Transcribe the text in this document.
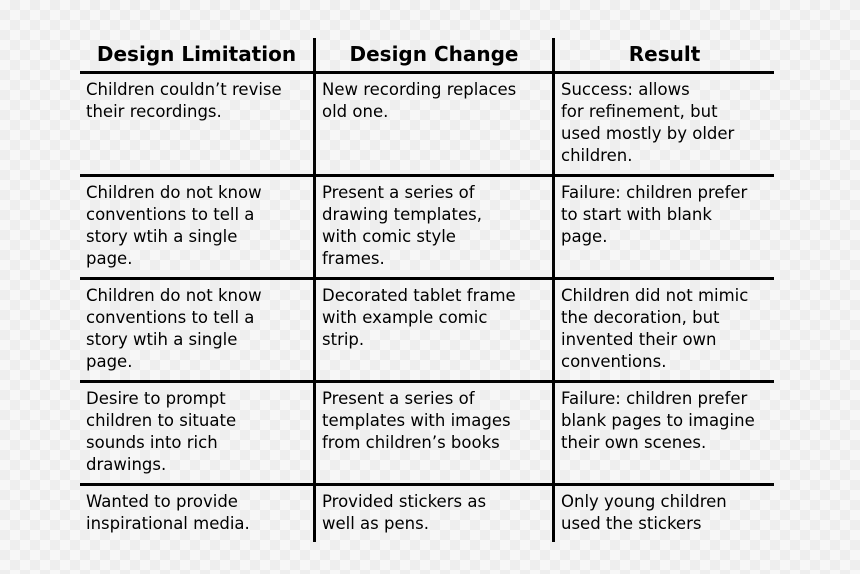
Design Limitation	Design Change	Result
Children couldn’t revise
their recordings.
New recording replaces
old one.
Success: allows
for refinement, but
used mostly by older
children.
Children do not know
conventions to tell a
story wtih a single
page.
Present a series of
drawing templates,
with comic style
frames.
Failure: children prefer
to start with blank
page.
Children do not know
conventions to tell a
story wtih a single
page.
Decorated tablet frame
with example comic
strip.
Children did not mimic
the decoration, but
invented their own
conventions.
Desire to prompt
children to situate
sounds into rich
drawings.
Present a series of
templates with images
from children’s books
Failure: children prefer
blank pages to imagine
their own scenes.
Wanted to provide
inspirational media.
Provided stickers as
well as pens.
Only young children
used the stickers
